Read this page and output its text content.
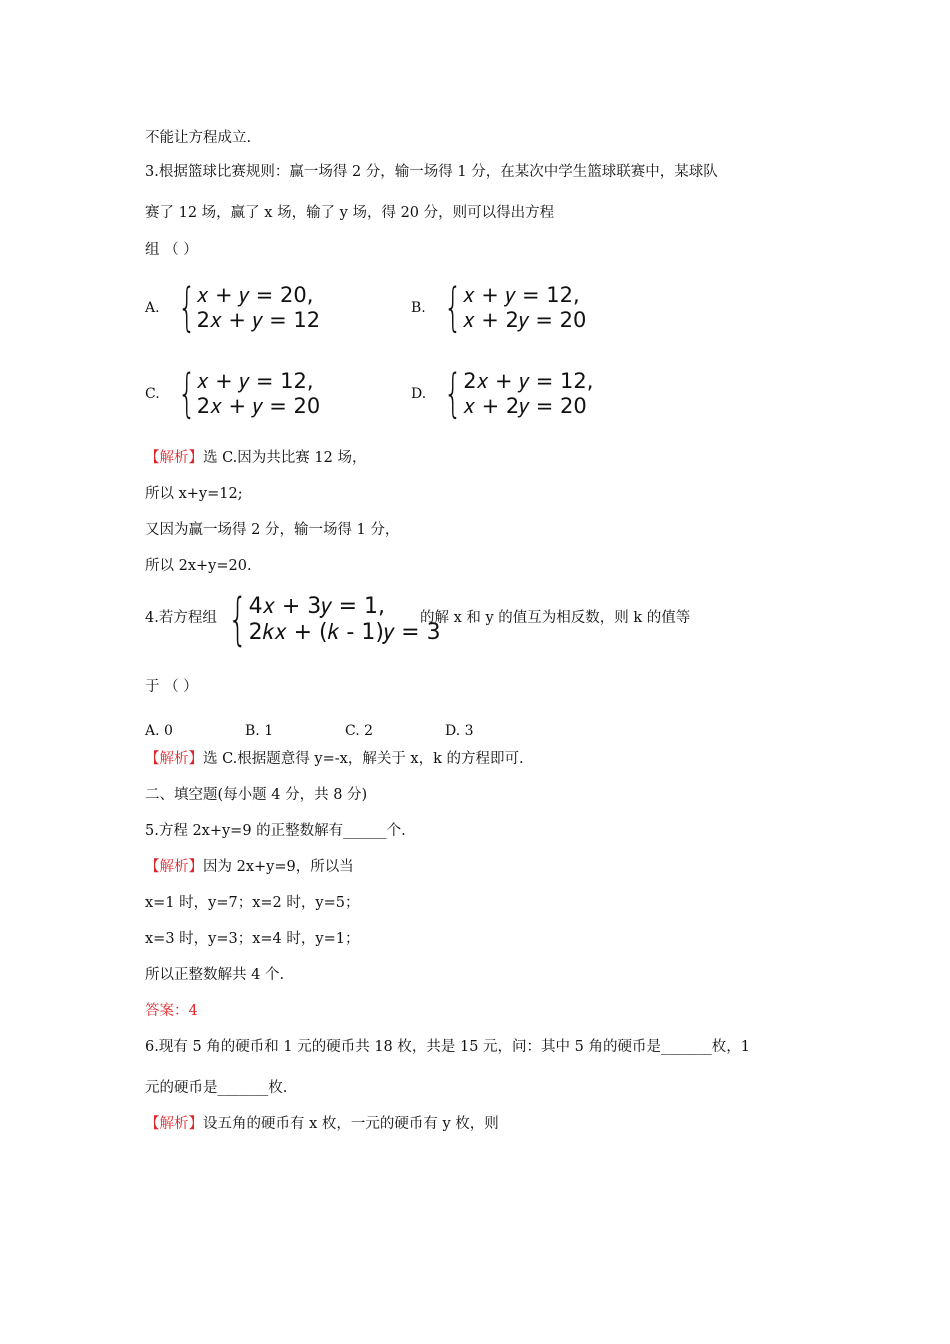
不能让方程成立.
3.根据篮球比赛规则：赢一场得 2 分，输一场得 1 分，在某次中学生篮球联赛中，某球队
赛了 12 场，赢了 x 场，输了 y 场，得 20 分，则可以得出方程
组 （ ）
A. { 𝑥 + 𝑦 = 20,
2𝑥 + 𝑦 = 12	B. { 𝑥 + 𝑦 = 12,
𝑥 + 2𝑦 = 20
C. { 𝑥 + 𝑦 = 12,
2𝑥 + 𝑦 = 20	D. { 2𝑥 + 𝑦 = 12,
𝑥 + 2𝑦 = 20
【解析】选 C.因为共比赛 12 场，
所以 x+y=12;
又因为赢一场得 2 分，输一场得 1 分，
所以 2x+y=20.
4.若方程组 { 4𝑥 + 3𝑦 = 1,
2𝑘𝑥 + (𝑘 - 1)𝑦 = 3
的解 x 和 y 的值互为相反数，则 k 的值等
于 （ ）
A. 0	B. 1	C. 2	D. 3
【解析】选 C.根据题意得 y=-x，解关于 x，k 的方程即可.
二、填空题(每小题 4 分，共 8 分)
5.方程 2x+y=9 的正整数解有______个.
【解析】因为 2x+y=9，所以当
x=1 时，y=7；x=2 时，y=5；
x=3 时，y=3；x=4 时，y=1；
所以正整数解共 4 个.
答案：4
6.现有 5 角的硬币和 1 元的硬币共 18 枚，共是 15 元，问：其中 5 角的硬币是_______枚，1
元的硬币是_______枚.
【解析】设五角的硬币有 x 枚，一元的硬币有 y 枚，则
